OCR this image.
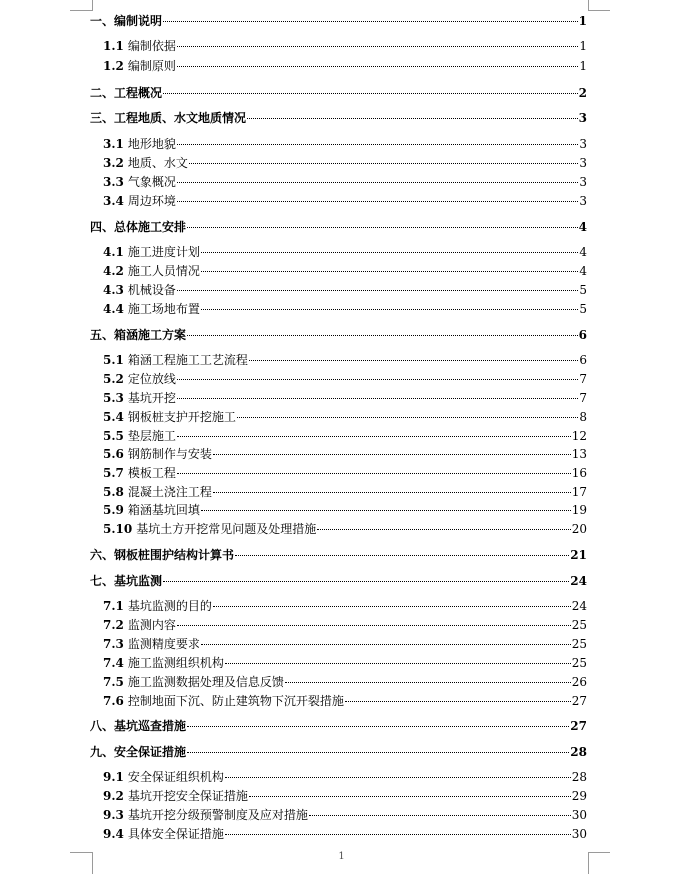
一、编制说明	1
1.1 编制依据	1
1.2 编制原则	1
二、工程概况	2
三、工程地质、水文地质情况	3
3.1 地形地貌	3
3.2 地质、水文	3
3.3 气象概况	3
3.4 周边环境	3
四、总体施工安排	4
4.1 施工进度计划	4
4.2 施工人员情况	4
4.3 机械设备	5
4.4 施工场地布置	5
五、箱涵施工方案	6
5.1 箱涵工程施工工艺流程	6
5.2 定位放线	7
5.3 基坑开挖	7
5.4 钢板桩支护开挖施工	8
5.5 垫层施工	12
5.6 钢筋制作与安装	13
5.7 模板工程	16
5.8 混凝土浇注工程	17
5.9 箱涵基坑回填	19
5.10 基坑土方开挖常见问题及处理措施	20
六、钢板桩围护结构计算书	21
七、基坑监测	24
7.1 基坑监测的目的	24
7.2 监测内容	25
7.3 监测精度要求	25
7.4 施工监测组织机构	25
7.5 施工监测数据处理及信息反馈	26
7.6 控制地面下沉、防止建筑物下沉开裂措施	27
八、基坑巡查措施	27
九、安全保证措施	28
9.1 安全保证组织机构	28
9.2 基坑开挖安全保证措施	29
9.3 基坑开挖分级预警制度及应对措施	30
9.4 具体安全保证措施	30
1
